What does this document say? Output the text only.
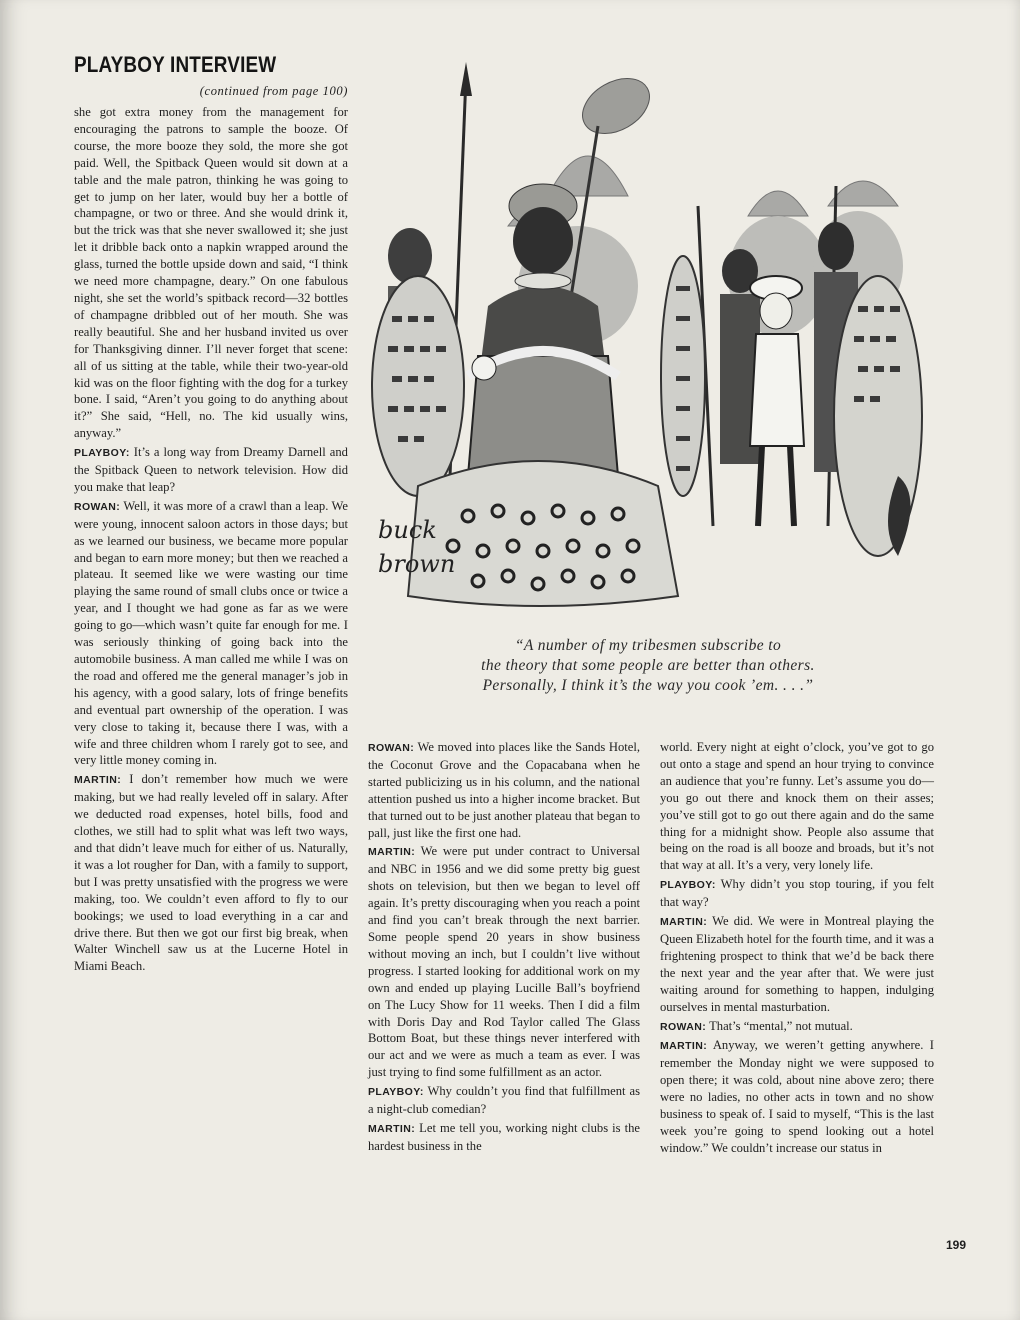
PLAYBOY INTERVIEW
(continued from page 100)

she got extra money from the management for encouraging the patrons to sample the booze. Of course, the more booze they sold, the more she got paid. Well, the Spitback Queen would sit down at a table and the male patron, thinking he was going to get to jump on her later, would buy her a bottle of champagne, or two or three. And she would drink it, but the trick was that she never swallowed it; she just let it dribble back onto a napkin wrapped around the glass, turned the bottle upside down and said, “I think we need more champagne, deary.” On one fabulous night, she set the world’s spitback record—32 bottles of champagne dribbled out of her mouth. She was really beautiful. She and her husband invited us over for Thanksgiving dinner. I’ll never forget that scene: all of us sitting at the table, while their two-year-old kid was on the floor fighting with the dog for a turkey bone. I said, “Aren’t you going to do anything about it?” She said, “Hell, no. The kid usually wins, anyway.”

PLAYBOY: It’s a long way from Dreamy Darnell and the Spitback Queen to network television. How did you make that leap?

ROWAN: Well, it was more of a crawl than a leap. We were young, innocent saloon actors in those days; but as we learned our business, we became more popular and began to earn more money; but then we reached a plateau. It seemed like we were wasting our time playing the same round of small clubs once or twice a year, and I thought we had gone as far as we were going to go—which wasn’t quite far enough for me. I was seriously thinking of going back into the automobile business. A man called me while I was on the road and offered me the general manager’s job in his agency, with a good salary, lots of fringe benefits and eventual part ownership of the operation. I was very close to taking it, because there I was, with a wife and three children whom I rarely got to see, and very little money coming in.

MARTIN: I don’t remember how much we were making, but we had really leveled off in salary. After we deducted road expenses, hotel bills, food and clothes, we still had to split what was left two ways, and that didn’t leave much for either of us. Naturally, it was a lot rougher for Dan, with a family to support, but I was pretty unsatisfied with the progress we were making, too. We couldn’t even afford to fly to our bookings; we used to load everything in a car and drive there. But then we got our first big break, when Walter Winchell saw us at the Lucerne Hotel in Miami Beach.

buck
brown
“A number of my tribesmen subscribe to
the theory that some people are better than others.
Personally, I think it’s the way you cook ’em. . . .”

ROWAN: We moved into places like the Sands Hotel, the Coconut Grove and the Copacabana when he started publicizing us in his column, and the national attention pushed us into a higher income bracket. But that turned out to be just another plateau that began to pall, just like the first one had.

MARTIN: We were put under contract to Universal and NBC in 1956 and we did some pretty big guest shots on television, but then we began to level off again. It’s pretty discouraging when you reach a point and find you can’t break through the next barrier. Some people spend 20 years in show business without moving an inch, but I couldn’t live without progress. I started looking for additional work on my own and ended up playing Lucille Ball’s boyfriend on The Lucy Show for 11 weeks. Then I did a film with Doris Day and Rod Taylor called The Glass Bottom Boat, but these things never interfered with our act and we were as much a team as ever. I was just trying to find some fulfillment as an actor.

PLAYBOY: Why couldn’t you find that fulfillment as a night-club comedian?

MARTIN: Let me tell you, working night clubs is the hardest business in the

world. Every night at eight o’clock, you’ve got to go out onto a stage and spend an hour trying to convince an audience that you’re funny. Let’s assume you do—you go out there and knock them on their asses; you’ve still got to go out there again and do the same thing for a midnight show. People also assume that being on the road is all booze and broads, but it’s not that way at all. It’s a very, very lonely life.

PLAYBOY: Why didn’t you stop touring, if you felt that way?

MARTIN: We did. We were in Montreal playing the Queen Elizabeth hotel for the fourth time, and it was a frightening prospect to think that we’d be back there the next year and the year after that. We were just waiting around for something to happen, indulging ourselves in mental masturbation.

ROWAN: That’s “mental,” not mutual.

MARTIN: Anyway, we weren’t getting anywhere. I remember the Monday night we were supposed to open there; it was cold, about nine above zero; there were no ladies, no other acts in town and no show business to speak of. I said to myself, “This is the last week you’re going to spend looking out a hotel window.” We couldn’t increase our status in

199
